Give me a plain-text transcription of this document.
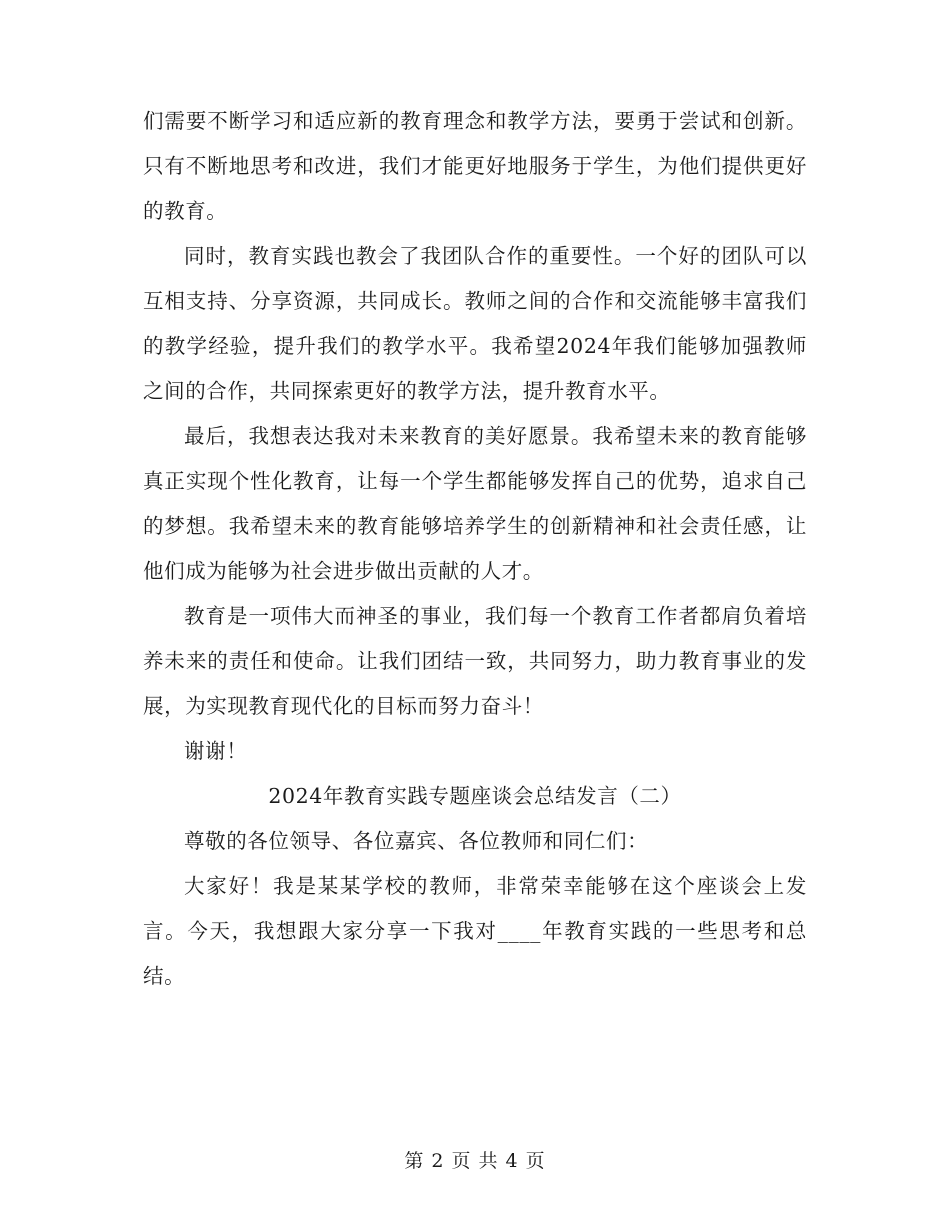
们需要不断学习和适应新的教育理念和教学方法，要勇于尝试和创新。只有不断地思考和改进，我们才能更好地服务于学生，为他们提供更好的教育。

同时，教育实践也教会了我团队合作的重要性。一个好的团队可以互相支持、分享资源，共同成长。教师之间的合作和交流能够丰富我们的教学经验，提升我们的教学水平。我希望2024年我们能够加强教师之间的合作，共同探索更好的教学方法，提升教育水平。

最后，我想表达我对未来教育的美好愿景。我希望未来的教育能够真正实现个性化教育，让每一个学生都能够发挥自己的优势，追求自己的梦想。我希望未来的教育能够培养学生的创新精神和社会责任感，让他们成为能够为社会进步做出贡献的人才。

教育是一项伟大而神圣的事业，我们每一个教育工作者都肩负着培养未来的责任和使命。让我们团结一致，共同努力，助力教育事业的发展，为实现教育现代化的目标而努力奋斗！

谢谢！

2024年教育实践专题座谈会总结发言（二）

尊敬的各位领导、各位嘉宾、各位教师和同仁们：

大家好！我是某某学校的教师，非常荣幸能够在这个座谈会上发言。今天，我想跟大家分享一下我对____年教育实践的一些思考和总结。

第 2 页 共 4 页
